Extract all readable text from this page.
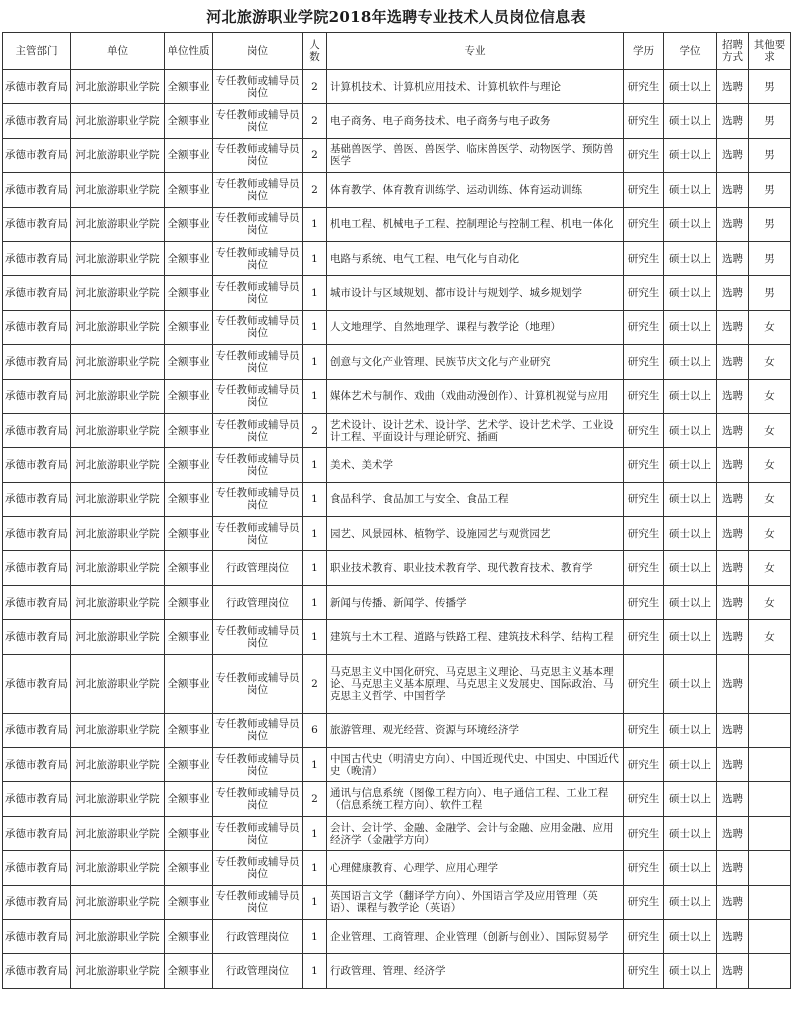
河北旅游职业学院2018年选聘专业技术人员岗位信息表
主管部门	单位	单位性质	岗位	人数	专业	学历	学位	招聘方式	其他要求
承德市教育局	河北旅游职业学院	全额事业	专任教师或辅导员岗位	2	计算机技术、计算机应用技术、计算机软件与理论	研究生	硕士以上	选聘	男
承德市教育局	河北旅游职业学院	全额事业	专任教师或辅导员岗位	2	电子商务、电子商务技术、电子商务与电子政务	研究生	硕士以上	选聘	男
承德市教育局	河北旅游职业学院	全额事业	专任教师或辅导员岗位	2	基础兽医学、兽医、兽医学、临床兽医学、动物医学、预防兽医学	研究生	硕士以上	选聘	男
承德市教育局	河北旅游职业学院	全额事业	专任教师或辅导员岗位	2	体育教学、体育教育训练学、运动训练、体育运动训练	研究生	硕士以上	选聘	男
承德市教育局	河北旅游职业学院	全额事业	专任教师或辅导员岗位	1	机电工程、机械电子工程、控制理论与控制工程、机电一体化	研究生	硕士以上	选聘	男
承德市教育局	河北旅游职业学院	全额事业	专任教师或辅导员岗位	1	电路与系统、电气工程、电气化与自动化	研究生	硕士以上	选聘	男
承德市教育局	河北旅游职业学院	全额事业	专任教师或辅导员岗位	1	城市设计与区域规划、都市设计与规划学、城乡规划学	研究生	硕士以上	选聘	男
承德市教育局	河北旅游职业学院	全额事业	专任教师或辅导员岗位	1	人文地理学、自然地理学、课程与教学论（地理）	研究生	硕士以上	选聘	女
承德市教育局	河北旅游职业学院	全额事业	专任教师或辅导员岗位	1	创意与文化产业管理、民族节庆文化与产业研究	研究生	硕士以上	选聘	女
承德市教育局	河北旅游职业学院	全额事业	专任教师或辅导员岗位	1	媒体艺术与制作、戏曲（戏曲动漫创作）、计算机视觉与应用	研究生	硕士以上	选聘	女
承德市教育局	河北旅游职业学院	全额事业	专任教师或辅导员岗位	2	艺术设计、设计艺术、设计学、艺术学、设计艺术学、工业设计工程、平面设计与理论研究、插画	研究生	硕士以上	选聘	女
承德市教育局	河北旅游职业学院	全额事业	专任教师或辅导员岗位	1	美术、美术学	研究生	硕士以上	选聘	女
承德市教育局	河北旅游职业学院	全额事业	专任教师或辅导员岗位	1	食品科学、食品加工与安全、食品工程	研究生	硕士以上	选聘	女
承德市教育局	河北旅游职业学院	全额事业	专任教师或辅导员岗位	1	园艺、风景园林、植物学、设施园艺与观赏园艺	研究生	硕士以上	选聘	女
承德市教育局	河北旅游职业学院	全额事业	行政管理岗位	1	职业技术教育、职业技术教育学、现代教育技术、教育学	研究生	硕士以上	选聘	女
承德市教育局	河北旅游职业学院	全额事业	行政管理岗位	1	新闻与传播、新闻学、传播学	研究生	硕士以上	选聘	女
承德市教育局	河北旅游职业学院	全额事业	专任教师或辅导员岗位	1	建筑与土木工程、道路与铁路工程、建筑技术科学、结构工程	研究生	硕士以上	选聘	女
承德市教育局	河北旅游职业学院	全额事业	专任教师或辅导员岗位	2	马克思主义中国化研究、马克思主义理论、马克思主义基本理论、马克思主义基本原理、马克思主义发展史、国际政治、马克思主义哲学、中国哲学	研究生	硕士以上	选聘	
承德市教育局	河北旅游职业学院	全额事业	专任教师或辅导员岗位	6	旅游管理、观光经营、资源与环境经济学	研究生	硕士以上	选聘	
承德市教育局	河北旅游职业学院	全额事业	专任教师或辅导员岗位	1	中国古代史（明清史方向）、中国近现代史、中国史、中国近代史（晚清）	研究生	硕士以上	选聘	
承德市教育局	河北旅游职业学院	全额事业	专任教师或辅导员岗位	2	通讯与信息系统（图像工程方向）、电子通信工程、工业工程（信息系统工程方向）、软件工程	研究生	硕士以上	选聘	
承德市教育局	河北旅游职业学院	全额事业	专任教师或辅导员岗位	1	会计、会计学、金融、金融学、会计与金融、应用金融、应用经济学（金融学方向）	研究生	硕士以上	选聘	
承德市教育局	河北旅游职业学院	全额事业	专任教师或辅导员岗位	1	心理健康教育、心理学、应用心理学	研究生	硕士以上	选聘	
承德市教育局	河北旅游职业学院	全额事业	专任教师或辅导员岗位	1	英国语言文学（翻译学方向）、外国语言学及应用管理（英语）、课程与教学论（英语）	研究生	硕士以上	选聘	
承德市教育局	河北旅游职业学院	全额事业	行政管理岗位	1	企业管理、工商管理、企业管理（创新与创业）、国际贸易学	研究生	硕士以上	选聘	
承德市教育局	河北旅游职业学院	全额事业	行政管理岗位	1	行政管理、管理、经济学	研究生	硕士以上	选聘	
